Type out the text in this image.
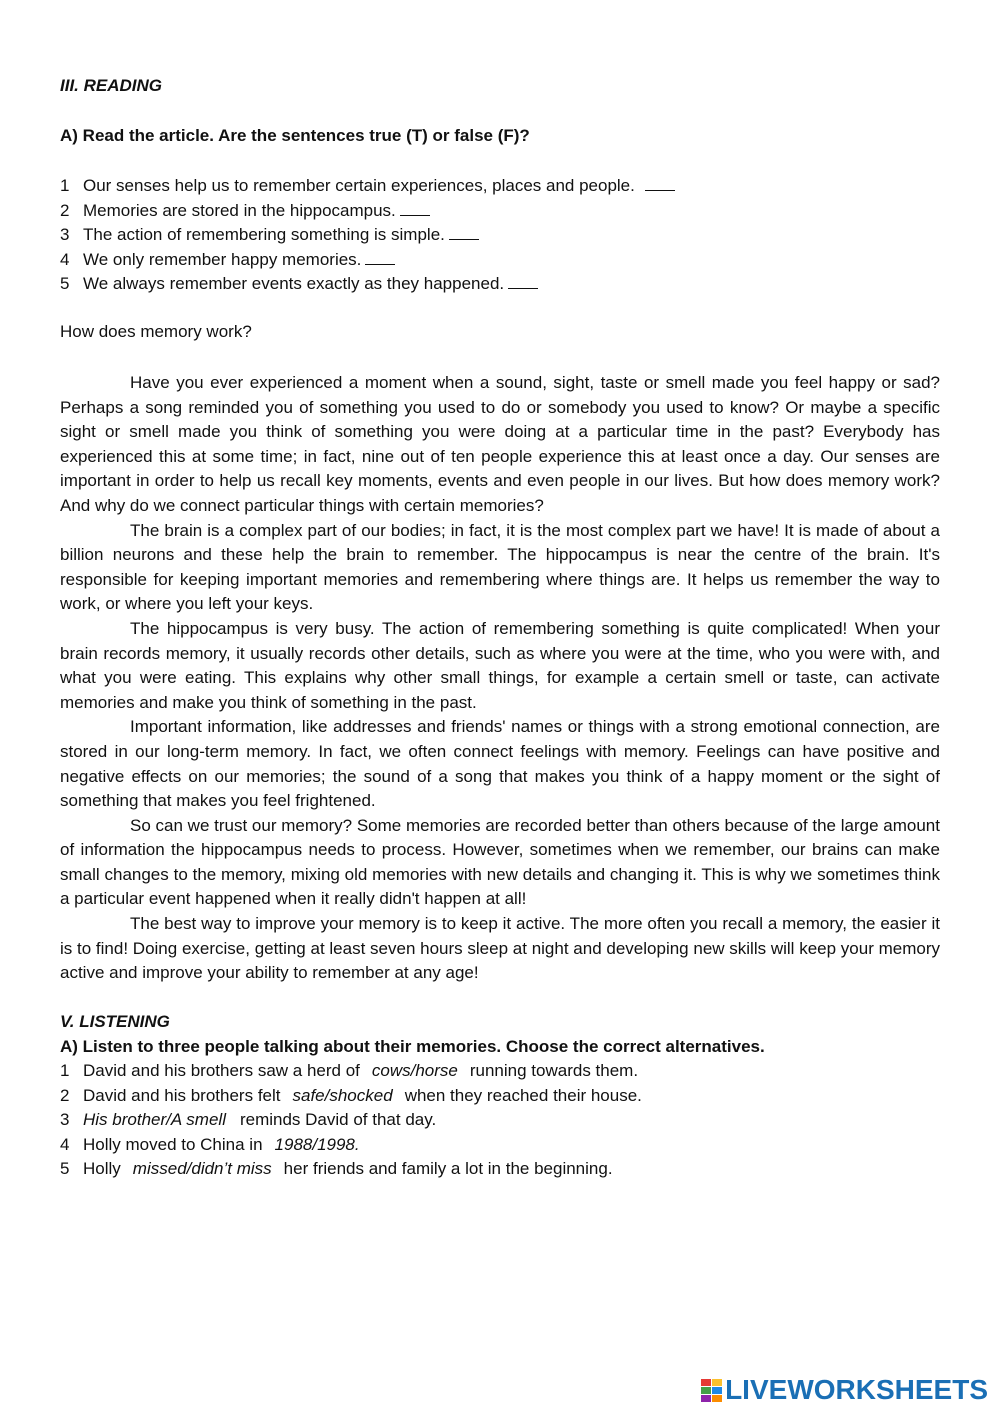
III. READING
A) Read the article. Are the sentences true (T) or false (F)?
1 Our senses help us to remember certain experiences, places and people.
2 Memories are stored in the hippocampus.
3 The action of remembering something is simple.
4 We only remember happy memories.
5 We always remember events exactly as they happened.
How does memory work?

Have you ever experienced a moment when a sound, sight, taste or smell made you feel happy or sad? Perhaps a song reminded you of something you used to do or somebody you used to know? Or maybe a specific sight or smell made you think of something you were doing at a particular time in the past? Everybody has experienced this at some time; in fact, nine out of ten people experience this at least once a day. Our senses are important in order to help us recall key moments, events and even people in our lives. But how does memory work? And why do we connect particular things with certain memories?

The brain is a complex part of our bodies; in fact, it is the most complex part we have! It is made of about a billion neurons and these help the brain to remember. The hippocampus is near the centre of the brain. It's responsible for keeping important memories and remembering where things are. It helps us remember the way to work, or where you left your keys.

The hippocampus is very busy. The action of remembering something is quite complicated! When your brain records memory, it usually records other details, such as where you were at the time, who you were with, and what you were eating. This explains why other small things, for example a certain smell or taste, can activate memories and make you think of something in the past.

Important information, like addresses and friends' names or things with a strong emotional connection, are stored in our long-term memory. In fact, we often connect feelings with memory. Feelings can have positive and negative effects on our memories; the sound of a song that makes you think of a happy moment or the sight of something that makes you feel frightened.

So can we trust our memory? Some memories are recorded better than others because of the large amount of information the hippocampus needs to process. However, sometimes when we remember, our brains can make small changes to the memory, mixing old memories with new details and changing it. This is why we sometimes think a particular event happened when it really didn't happen at all!

The best way to improve your memory is to keep it active. The more often you recall a memory, the easier it is to find! Doing exercise, getting at least seven hours sleep at night and developing new skills will keep your memory active and improve your ability to remember at any age!

V. LISTENING
A) Listen to three people talking about their memories. Choose the correct alternatives.
1 David and his brothers saw a herd of cows/horse running towards them.
2 David and his brothers felt safe/shocked when they reached their house.
3 His brother/A smell reminds David of that day.
4 Holly moved to China in 1988/1998.
5 Holly missed/didn’t miss her friends and family a lot in the beginning.
LIVEWORKSHEETS
